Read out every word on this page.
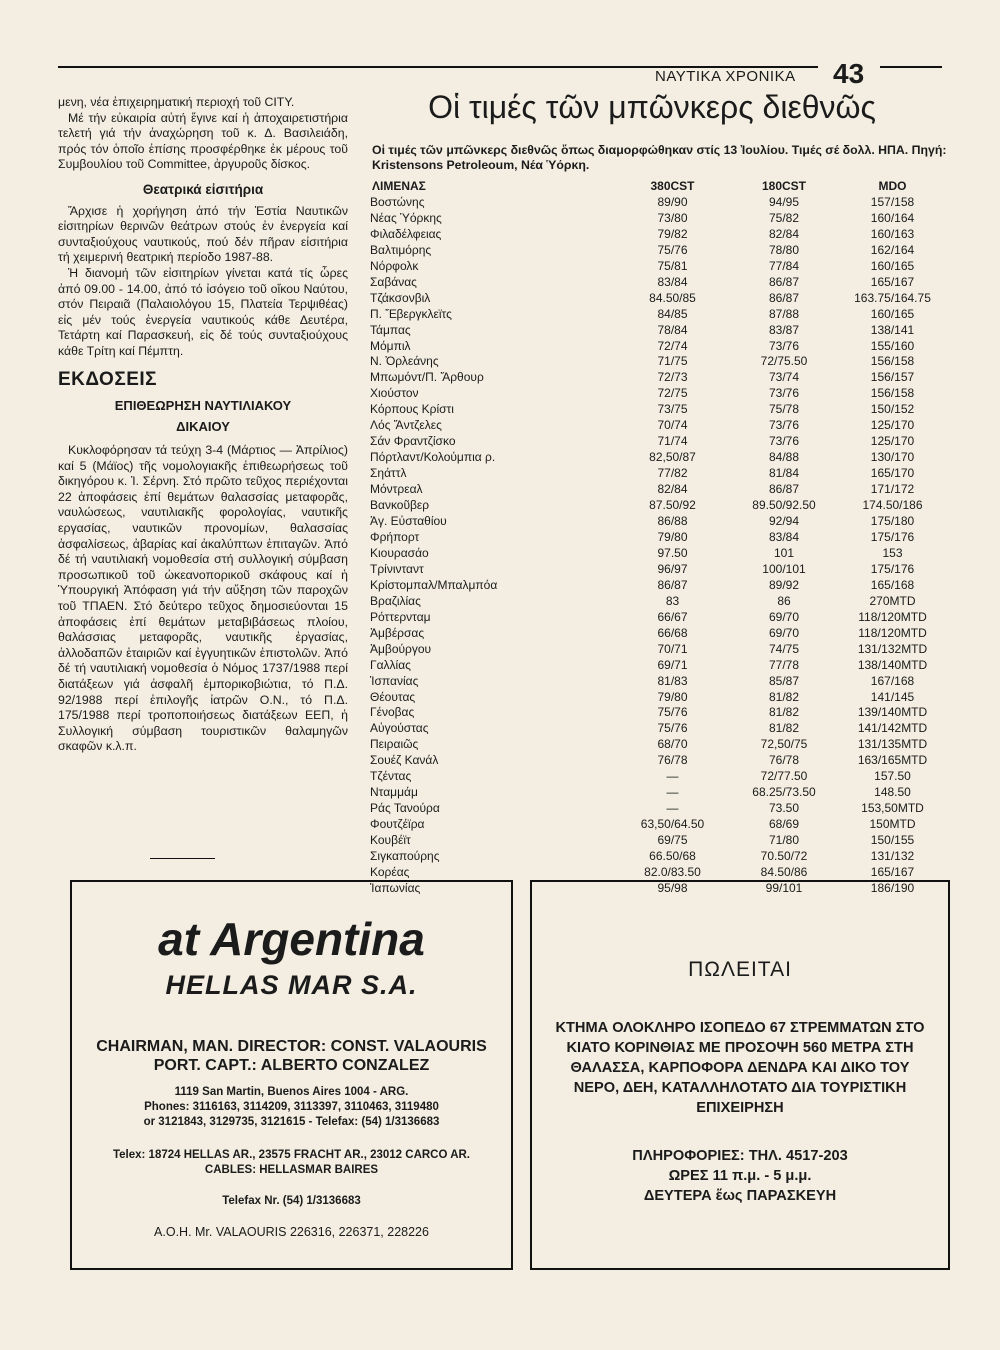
ΝΑΥΤΙΚΑ ΧΡΟΝΙΚΑ 43

μενη, νέα ἐπιχειρηματική περιοχή τοῦ CITY.

Μέ τήν εὐκαιρία αὐτή ἔγινε καί ἡ ἀποχαιρετιστήρια τελετή γιά τήν ἀναχώρηση τοῦ κ. Δ. Βασιλειάδη, πρός τόν ὁποῖο ἐπίσης προσφέρθηκε ἐκ μέρους τοῦ Συμβουλίου τοῦ Committee, ἀργυροῦς δίσκος.

Θεατρικά εἰσιτήρια

Ἄρχισε ἡ χορήγηση ἀπό τήν Ἑστία Ναυτικῶν εἰσιτηρίων θερινῶν θεάτρων στούς ἐν ἐνεργεία καί συνταξιούχους ναυτικούς, πού δέν πῆραν εἰσιτήρια τή χειμερινή θεατρική περίοδο 1987-88.

Ἡ διανομή τῶν εἰσιτηρίων γίνεται κατά τίς ὧρες ἀπό 09.00 - 14.00, ἀπό τό ἰσόγειο τοῦ οἴκου Ναύτου, στόν Πειραιᾶ (Παλαιολόγου 15, Πλατεία Τερψιθέας) εἰς μέν τούς ἐνεργεία ναυτικούς κάθε Δευτέρα, Τετάρτη καί Παρασκευή, εἰς δέ τούς συνταξιούχους κάθε Τρίτη καί Πέμπτη.

ΕΚΔΟΣΕΙΣ
ΕΠΙΘΕΩΡΗΣΗ ΝΑΥΤΙΛΙΑΚΟΥ
ΔΙΚΑΙΟΥ

Κυκλοφόρησαν τά τεύχη 3-4 (Μάρτιος — Ἀπρίλιος) καί 5 (Μάϊος) τῆς νομολογιακῆς ἐπιθεωρήσεως τοῦ δικηγόρου κ. Ἰ. Σέρνη. Στό πρῶτο τεῦχος περιέχονται 22 ἀποφάσεις ἐπί θεμάτων θαλασσίας μεταφορᾶς, ναυλώσεως, ναυτιλιακῆς φορολογίας, ναυτικῆς εργασίας, ναυτικῶν προνομίων, θαλασσίας ἀσφαλίσεως, ἀβαρίας καί ἀκαλύπτων ἐπιταγῶν. Ἀπό δέ τή ναυτιλιακή νομοθεσία στή συλλογική σύμβαση προσωπικοῦ τοῦ ὠκεανοπορικοῦ σκάφους καί ἡ Ὑπουργική Ἀπόφαση γιά τήν αὔξηση τῶν παροχῶν τοῦ ΤΠΑΕΝ. Στό δεύτερο τεῦχος δημοσιεύονται 15 ἀποφάσεις ἐπί θεμάτων μεταβιβάσεως πλοίου, θαλάσσιας μεταφορᾶς, ναυτικῆς ἐργασίας, ἀλλοδαπῶν ἑταιριῶν καί ἐγγυητικῶν ἐπιστολῶν. Ἀπό δέ τή ναυτιλιακή νομοθεσία ὁ Νόμος 1737/1988 περί διατάξεων γιά ἀσφαλῆ ἐμπορικοβιώτια, τό Π.Δ. 92/1988 περί ἐπιλογῆς ἰατρῶν Ο.Ν., τό Π.Δ. 175/1988 περί τροποποιήσεως διατάξεων ΕΕΠ, ἡ Συλλογική σύμβαση τουριστικῶν θαλαμηγῶν σκαφῶν κ.λ.π.

Οἱ τιμές τῶν μπῶνκερς διεθνῶς
Οἱ τιμές τῶν μπῶνκερς διεθνῶς ὅπως διαμορφώθηκαν στίς 13 Ἰουλίου. Τιμές σέ δολλ. ΗΠΑ. Πηγή: Kristensons Petroleoum, Νέα Ὑόρκη.
ΛΙΜΕΝΑΣ	380CST	180CST	MDO
Βοστώνης	89/90	94/95	157/158
Νέας Ὑόρκης	73/80	75/82	160/164
Φιλαδέλφειας	79/82	82/84	160/163
Βαλτιμόρης	75/76	78/80	162/164
Νόρφολκ	75/81	77/84	160/165
Σαβάνας	83/84	86/87	165/167
Τζάκσονβιλ	84.50/85	86/87	163.75/164.75
Π. Ἔβεργκλεϊτς	84/85	87/88	160/165
Τάμπας	78/84	83/87	138/141
Μόμπιλ	72/74	73/76	155/160
Ν. Ὀρλεάνης	71/75	72/75.50	156/158
Μπωμόντ/Π. Ἄρθουρ	72/73	73/74	156/157
Χιούστον	72/75	73/76	156/158
Κόρπους Κρίστι	73/75	75/78	150/152
Λός Ἄντζελες	70/74	73/76	125/170
Σάν Φραντζίσκο	71/74	73/76	125/170
Πόρτλαντ/Κολούμπια ρ.	82,50/87	84/88	130/170
Σηάττλ	77/82	81/84	165/170
Μόντρεαλ	82/84	86/87	171/172
Βανκοῦβερ	87.50/92	89.50/92.50	174.50/186
Ἁγ. Εὐσταθίου	86/88	92/94	175/180
Φρήπορτ	79/80	83/84	175/176
Κιουρασάο	97.50	101	153
Τρίνινταντ	96/97	100/101	175/176
Κρίστομπαλ/Μπαλμπόα	86/87	89/92	165/168
Βραζιλίας	83	86	270MTD
Ρόττερνταμ	66/67	69/70	118/120MTD
Ἀμβέρσας	66/68	69/70	118/120MTD
Ἀμβούργου	70/71	74/75	131/132MTD
Γαλλίας	69/71	77/78	138/140MTD
Ἱσπανίας	81/83	85/87	167/168
Θέουτας	79/80	81/82	141/145
Γένοβας	75/76	81/82	139/140MTD
Αὐγούστας	75/76	81/82	141/142MTD
Πειραιῶς	68/70	72,50/75	131/135MTD
Σουέζ Κανάλ	76/78	76/78	163/165MTD
Τζέντας	—	72/77.50	157.50
Νταμμάμ	—	68.25/73.50	148.50
Ράς Τανούρα	—	73.50	153,50MTD
Φουτζέϊρα	63,50/64.50	68/69	150MTD
Κουβέϊτ	69/75	71/80	150/155
Σιγκαπούρης	66.50/68	70.50/72	131/132
Κορέας	82.0/83.50	84.50/86	165/167
Ἰαπωνίας	95/98	99/101	186/190
at Argentina
HELLAS MAR S.A.
CHAIRMAN, MAN. DIRECTOR: CONST. VALAOURIS
PORT. CAPT.: ALBERTO CONZALEZ
1119 San Martin, Buenos Aires 1004 - ARG.
Phones: 3116163, 3114209, 3113397, 3110463, 3119480
or 3121843, 3129735, 3121615 - Telefax: (54) 1/3136683
Telex: 18724 HELLAS AR., 23575 FRACHT AR., 23012 CARCO AR.
CABLES: HELLASMAR BAIRES
Telefax Nr. (54) 1/3136683
A.O.H. Mr. VALAOURIS 226316, 226371, 228226
ΠΩΛΕΙΤΑΙ
ΚΤΗΜΑ ΟΛΟΚΛΗΡΟ ΙΣΟΠΕΔΟ 67 ΣΤΡΕΜΜΑΤΩΝ ΣΤΟ ΚΙΑΤΟ ΚΟΡΙΝΘΙΑΣ ΜΕ ΠΡΟΣΟΨΗ 560 ΜΕΤΡΑ ΣΤΗ ΘΑΛΑΣΣΑ, ΚΑΡΠΟΦΟΡΑ ΔΕΝΔΡΑ ΚΑΙ ΔΙΚΟ ΤΟΥ ΝΕΡΟ, ΔΕΗ, ΚΑΤΑΛΛΗΛΟΤΑΤΟ ΔΙΑ ΤΟΥΡΙΣΤΙΚΗ ΕΠΙΧΕΙΡΗΣΗ
ΠΛΗΡΟΦΟΡΙΕΣ: ΤΗΛ. 4517-203
ΩΡΕΣ 11 π.μ. - 5 μ.μ.
ΔΕΥΤΕΡΑ ἕως ΠΑΡΑΣΚΕΥΗ
